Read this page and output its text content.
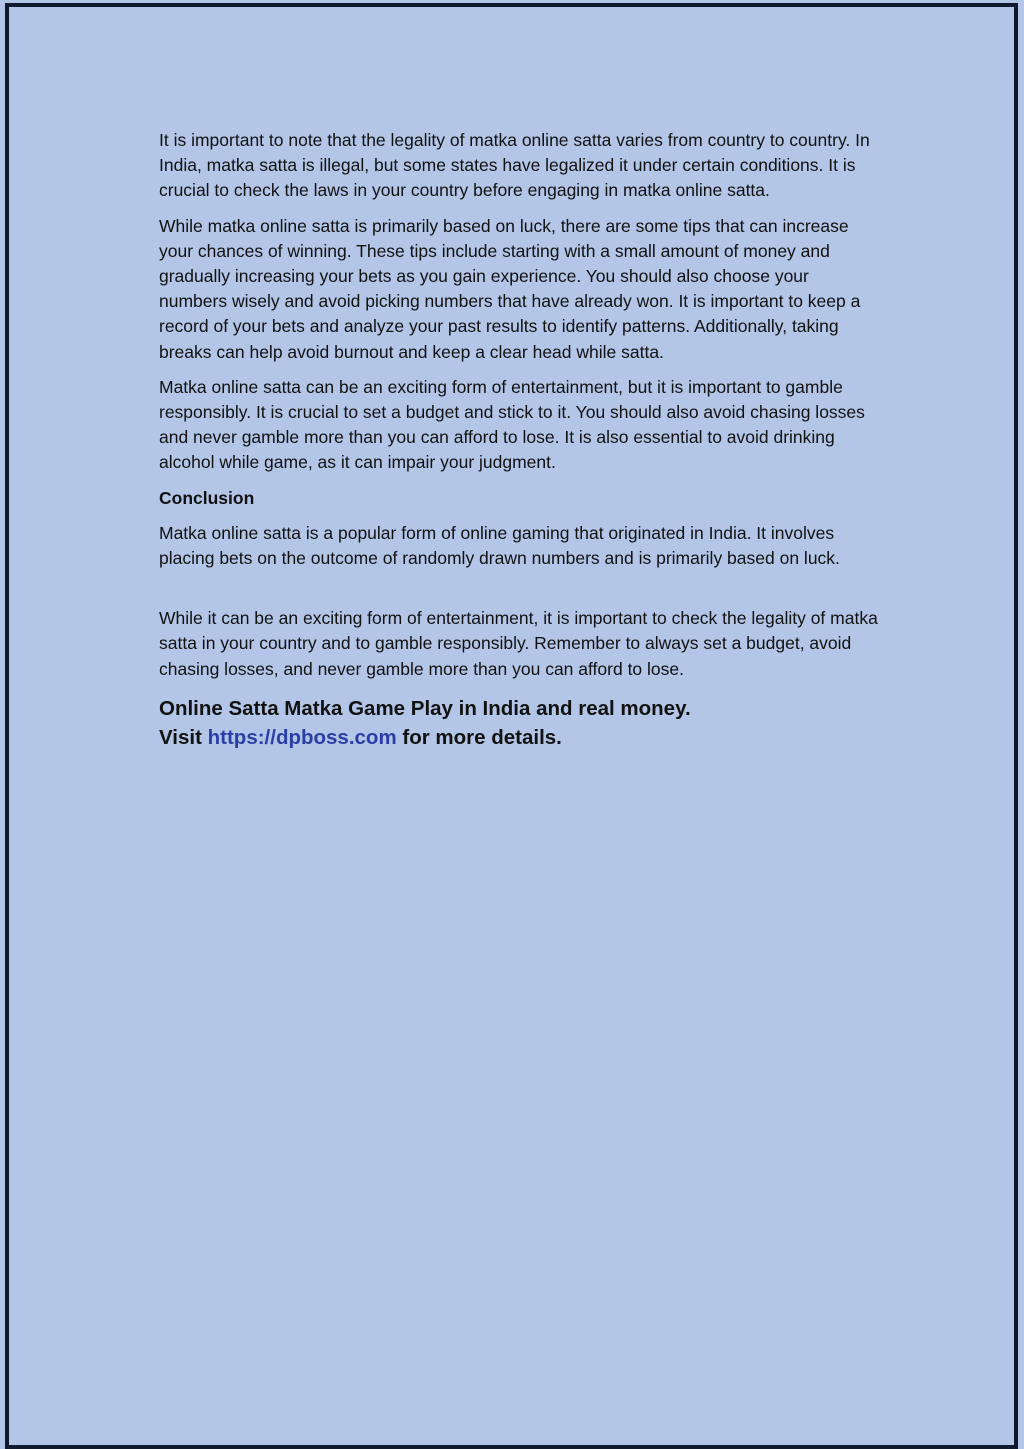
It is important to note that the legality of matka online satta varies from country to country. In India, matka satta is illegal, but some states have legalized it under certain conditions. It is crucial to check the laws in your country before engaging in matka online satta.

While matka online satta is primarily based on luck, there are some tips that can increase your chances of winning. These tips include starting with a small amount of money and gradually increasing your bets as you gain experience. You should also choose your numbers wisely and avoid picking numbers that have already won. It is important to keep a record of your bets and analyze your past results to identify patterns. Additionally, taking breaks can help avoid burnout and keep a clear head while satta.

Matka online satta can be an exciting form of entertainment, but it is important to gamble responsibly. It is crucial to set a budget and stick to it. You should also avoid chasing losses and never gamble more than you can afford to lose. It is also essential to avoid drinking alcohol while game, as it can impair your judgment.

Conclusion

Matka online satta is a popular form of online gaming that originated in India. It involves placing bets on the outcome of randomly drawn numbers and is primarily based on luck.

While it can be an exciting form of entertainment, it is important to check the legality of matka satta in your country and to gamble responsibly. Remember to always set a budget, avoid chasing losses, and never gamble more than you can afford to lose.

Online Satta Matka Game Play in India and real money.
Visit https://dpboss.com for more details.
